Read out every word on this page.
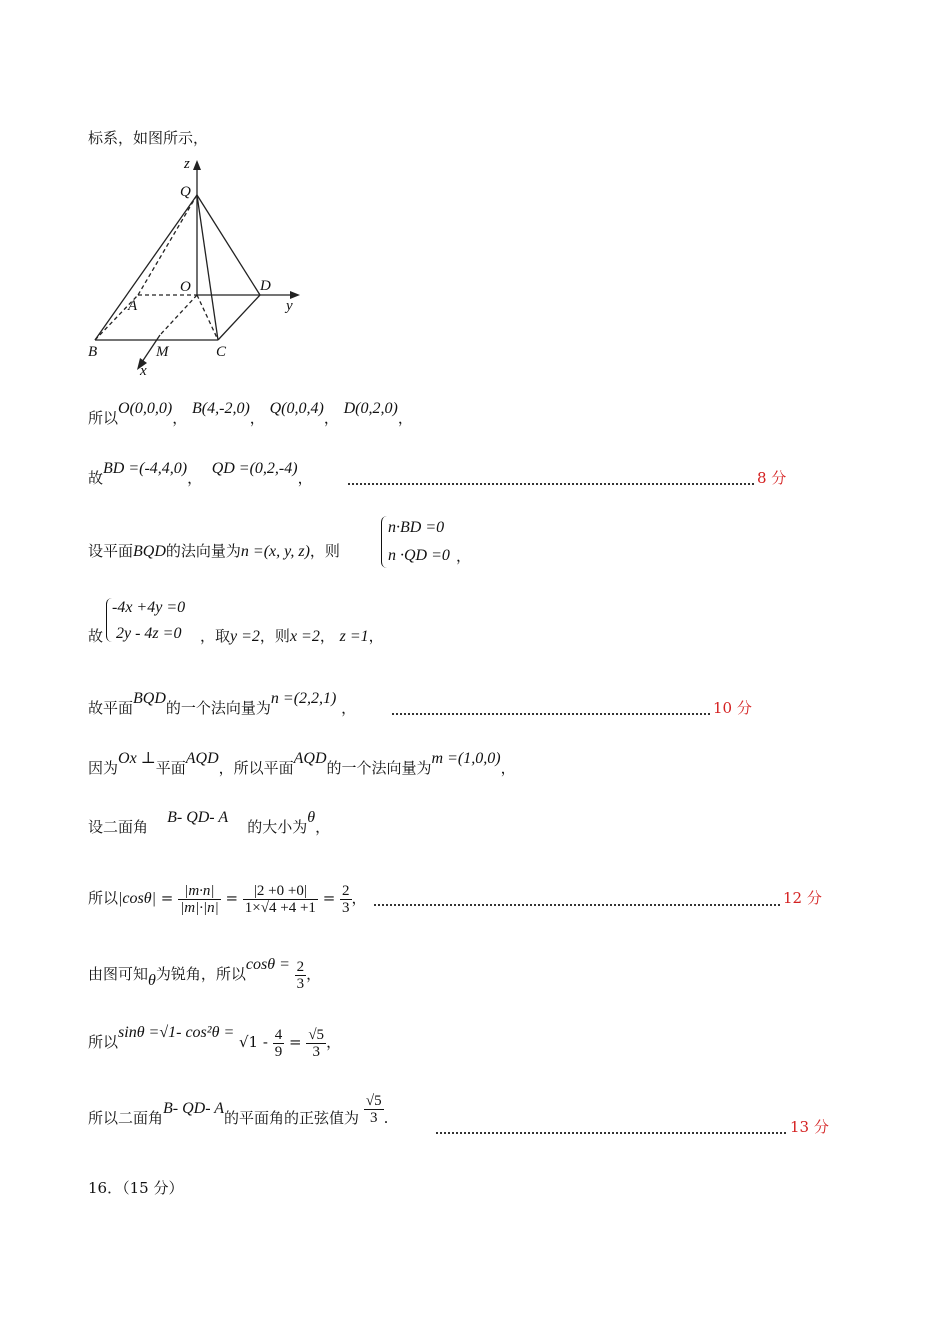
标系，如图所示，
z
Q
O	D
y
A
B	M	C
x
所以O(0,0,0)， B(4,-2,0)， Q(0,0,4)， D(0,2,0)，
故BD =(-4,4,0)，  QD =(0,2,-4)，	8 分
设平面BQD的法向量为n =(x, y, z)，则
n·BD =0
n ·QD =0 ，
-4x +4y =0
2y - 4z =0
故	，取y =2，则x =2， z =1，
故平面BQD的一个法向量为n =(2,2,1) ，	10 分
因为Ox ⊥平面AQD，所以平面AQD的一个法向量为m =(1,0,0)，
设二面角    B- QD- A    的大小为θ，
所以$|\cos\theta| = \frac{|m\cdot n|}{|m|\cdot|n|} = \frac{|2 +0 +0|}{1\times√4 +4 +1} = \frac{2}{3}$ ，	12 分
由图可知θ为锐角，所以$\cos\theta = \frac{2}{3}$ ，
所以sinθ =√1- $\cos^2\theta = √1 - \frac{4}{9} = \frac{√5}{3}$ ，
所以二面角B- QD- A的平面角的正弦值为 $\frac{√5}{3}$ .	13 分
16．（15 分）
